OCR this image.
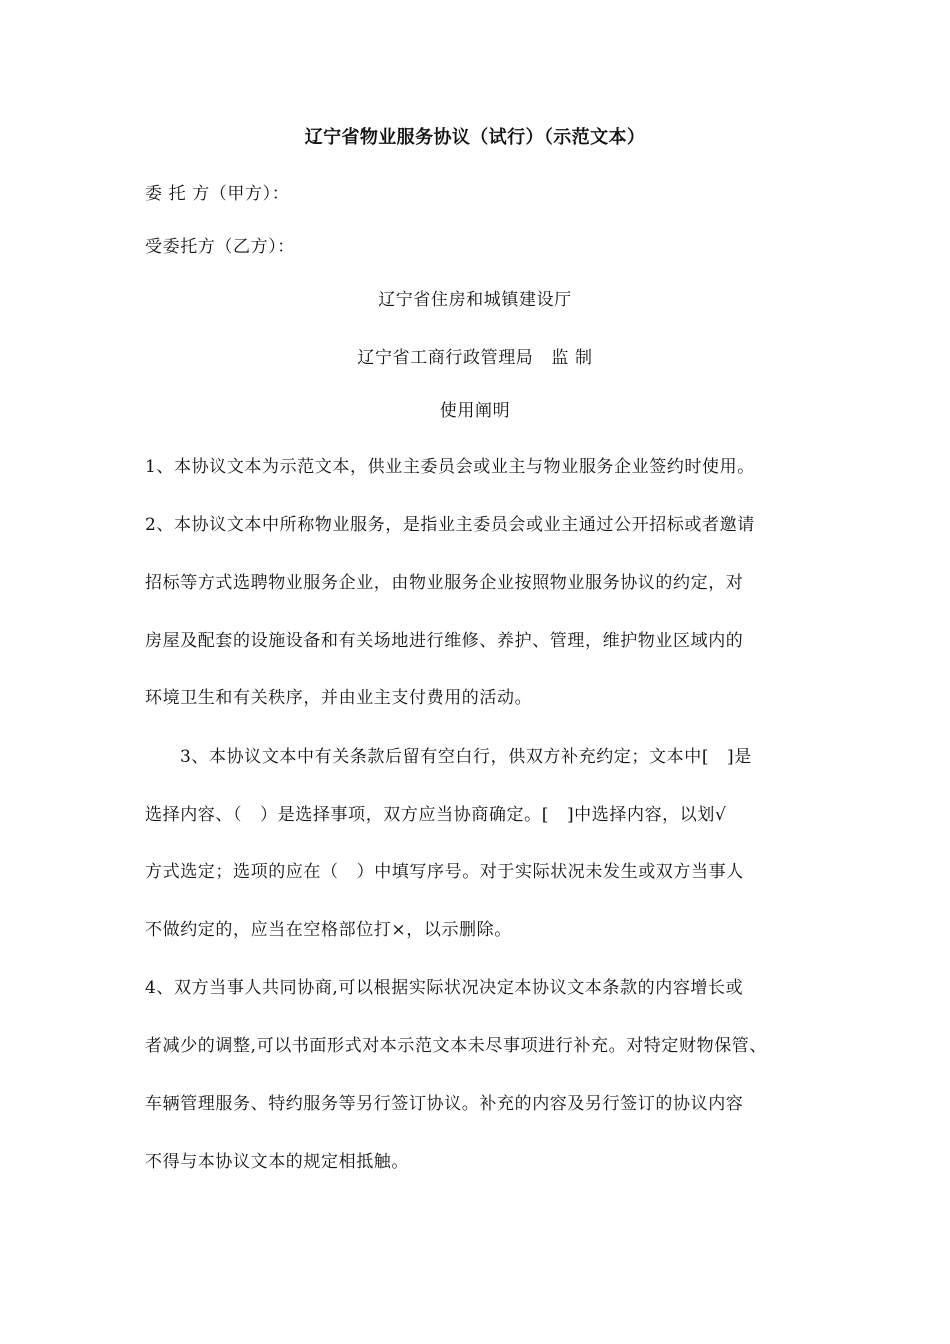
辽宁省物业服务协议（试行）（示范文本）
委 托 方（甲方）：
受委托方（乙方）：
辽宁省住房和城镇建设厅
辽宁省工商行政管理局   监 制
使用阐明
1、本协议文本为示范文本，供业主委员会或业主与物业服务企业签约时使用。
2、本协议文本中所称物业服务，是指业主委员会或业主通过公开招标或者邀请
招标等方式选聘物业服务企业，由物业服务企业按照物业服务协议的约定，对
房屋及配套的设施设备和有关场地进行维修、养护、管理，维护物业区域内的
环境卫生和有关秩序，并由业主支付费用的活动。
3、本协议文本中有关条款后留有空白行，供双方补充约定；文本中[   ]是
选择内容、（   ）是选择事项，双方应当协商确定。[   ]中选择内容，以划√
方式选定；选项的应在（   ）中填写序号。对于实际状况未发生或双方当事人
不做约定的，应当在空格部位打×，以示删除。
4、双方当事人共同协商,可以根据实际状况决定本协议文本条款的内容增长或
者减少的调整,可以书面形式对本示范文本未尽事项进行补充。对特定财物保管、
车辆管理服务、特约服务等另行签订协议。补充的内容及另行签订的协议内容
不得与本协议文本的规定相抵触。
